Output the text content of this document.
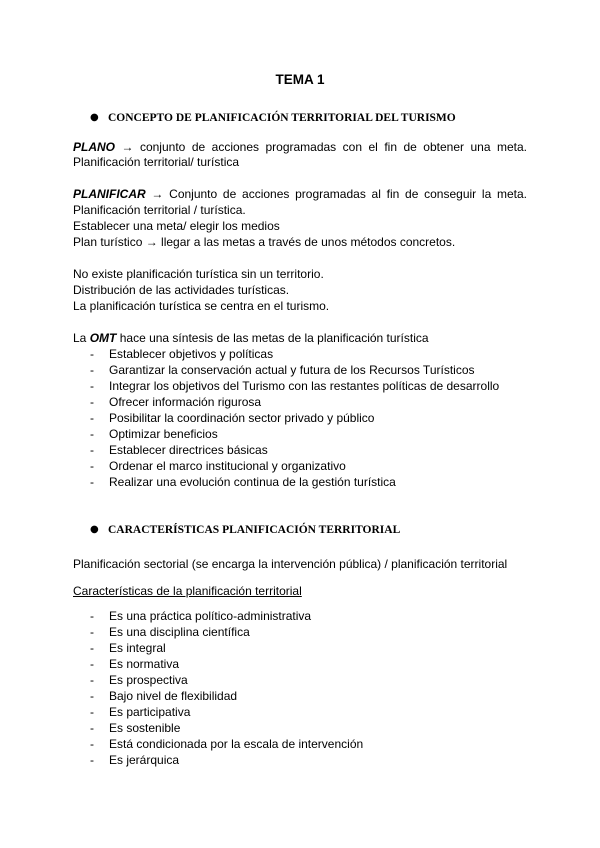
TEMA 1
● CONCEPTO DE PLANIFICACIÓN TERRITORIAL DEL TURISMO
PLANO → conjunto de acciones programadas con el fin de obtener una meta.
Planificación territorial/ turística
PLANIFICAR → Conjunto de acciones programadas al fin de conseguir la meta.
Planificación territorial / turística.
Establecer una meta/ elegir los medios
Plan turístico → llegar a las metas a través de unos métodos concretos.
No existe planificación turística sin un territorio.
Distribución de las actividades turísticas.
La planificación turística se centra en el turismo.
La OMT hace una síntesis de las metas de la planificación turística
- Establecer objetivos y políticas
- Garantizar la conservación actual y futura de los Recursos Turísticos
- Integrar los objetivos del Turismo con las restantes políticas de desarrollo
- Ofrecer información rigurosa
- Posibilitar la coordinación sector privado y público
- Optimizar beneficios
- Establecer directrices básicas
- Ordenar el marco institucional y organizativo
- Realizar una evolución continua de la gestión turística
● CARACTERÍSTICAS PLANIFICACIÓN TERRITORIAL
Planificación sectorial (se encarga la intervención pública) / planificación territorial
Características de la planificación territorial
- Es una práctica político-administrativa
- Es una disciplina científica
- Es integral
- Es normativa
- Es prospectiva
- Bajo nivel de flexibilidad
- Es participativa
- Es sostenible
- Está condicionada por la escala de intervención
- Es jerárquica
